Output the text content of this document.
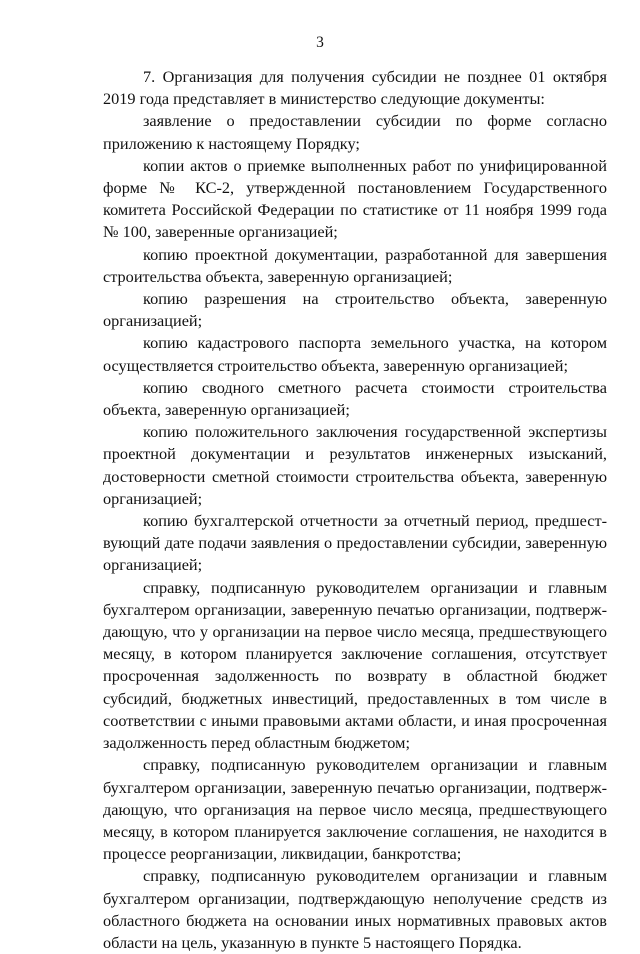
3

7. Организация для получения субсидии не позднее 01 октября 2019 года представляет в министерство следующие документы:

заявление о предоставлении субсидии по форме согласно приложению к настоящему Порядку;

копии актов о приемке выполненных работ по унифицированной форме № КС-2, утвержденной постановлением Государственного комитета Российской Федерации по статистике от 11 ноября 1999 года № 100, заверенные организацией;

копию проектной документации, разработанной для завершения строительства объекта, заверенную организацией;

копию разрешения на строительство объекта, заверенную организацией;

копию кадастрового паспорта земельного участка, на котором осуществляется строительство объекта, заверенную организацией;

копию сводного сметного расчета стоимости строительства объекта, заверенную организацией;

копию положительного заключения государственной экспертизы проектной документации и результатов инженерных изысканий, достоверности сметной стоимости строительства объекта, заверенную организацией;

копию бухгалтерской отчетности за отчетный период, предшествующий дате подачи заявления о предоставлении субсидии, заверенную организацией;

справку, подписанную руководителем организации и главным бухгалтером организации, заверенную печатью организации, подтверждающую, что у организации на первое число месяца, предшествующего месяцу, в котором планируется заключение соглашения, отсутствует просроченная задолженность по возврату в областной бюджет субсидий, бюджетных инвестиций, предоставленных в том числе в соответствии с иными правовыми актами области, и иная просроченная задолженность перед областным бюджетом;

справку, подписанную руководителем организации и главным бухгалтером организации, заверенную печатью организации, подтверждающую, что организация на первое число месяца, предшествующего месяцу, в котором планируется заключение соглашения, не находится в процессе реорганизации, ликвидации, банкротства;

справку, подписанную руководителем организации и главным бухгалтером организации, подтверждающую неполучение средств из областного бюджета на основании иных нормативных правовых актов области на цель, указанную в пункте 5 настоящего Порядка.
